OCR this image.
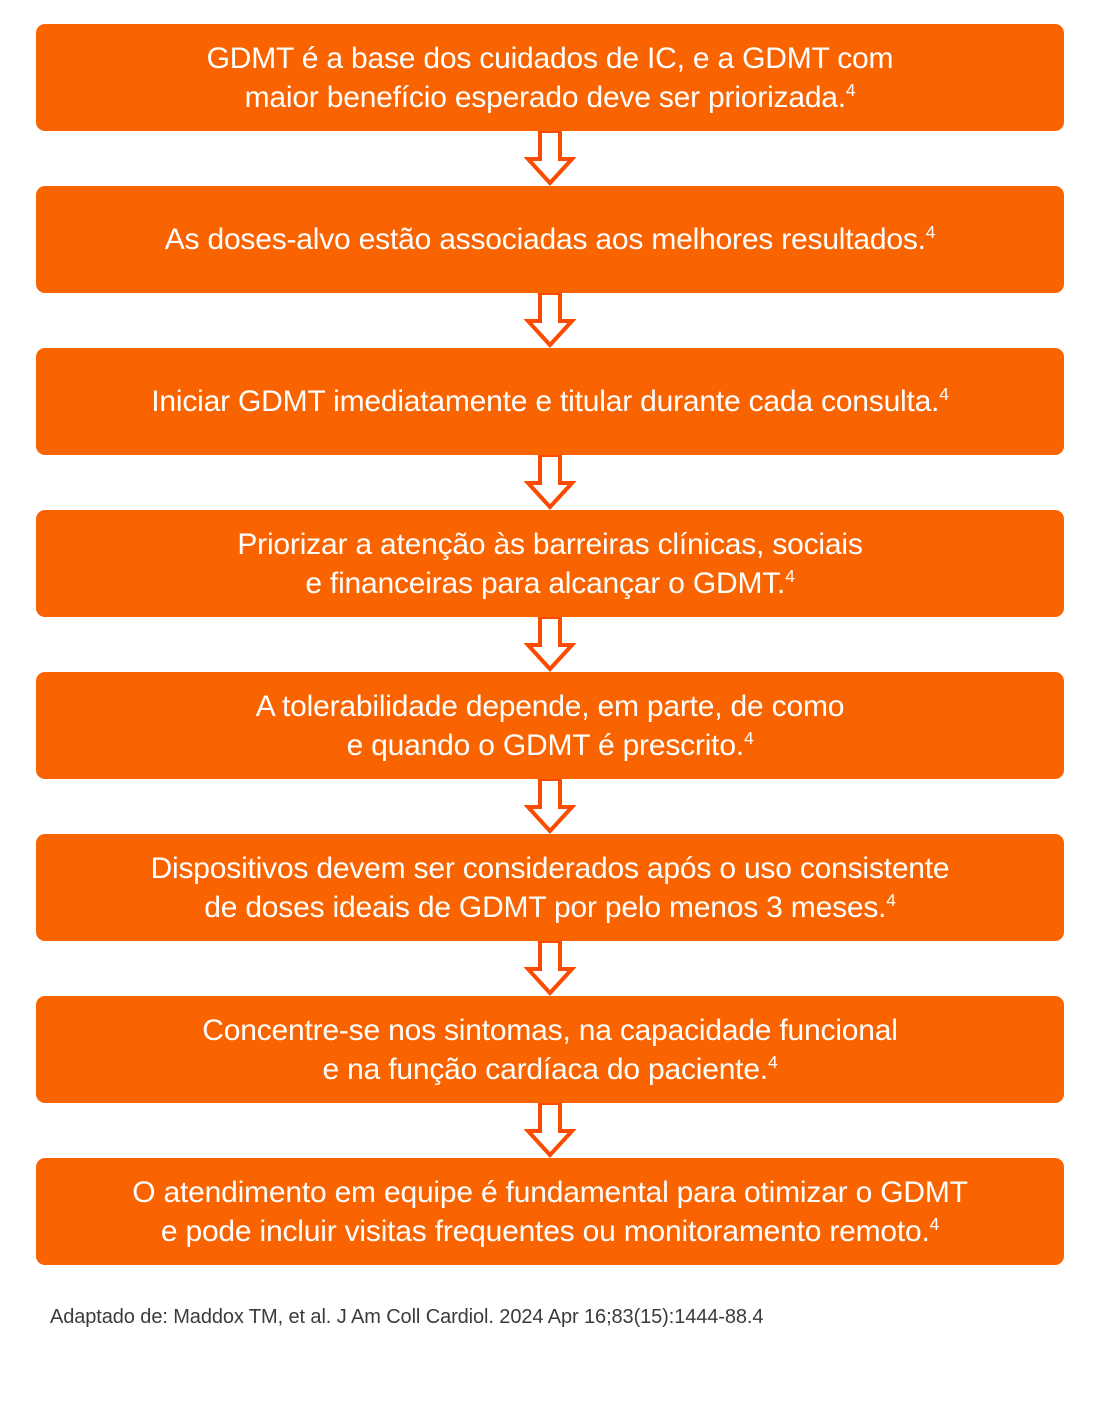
GDMT é a base dos cuidados de IC, e a GDMT com
maior benefício esperado deve ser priorizada.$^4$
As doses-alvo estão associadas aos melhores resultados.$^4$
Iniciar GDMT imediatamente e titular durante cada consulta.$^4$
Priorizar a atenção às barreiras clínicas, sociais
e financeiras para alcançar o GDMT.$^4$
A tolerabilidade depende, em parte, de como
e quando o GDMT é prescrito.$^4$
Dispositivos devem ser considerados após o uso consistente
de doses ideais de GDMT por pelo menos 3 meses.$^4$
Concentre-se nos sintomas, na capacidade funcional
e na função cardíaca do paciente.$^4$
O atendimento em equipe é fundamental para otimizar o GDMT
e pode incluir visitas frequentes ou monitoramento remoto.$^4$
Adaptado de: Maddox TM, et al. J Am Coll Cardiol. 2024 Apr 16;83(15):1444-88.4
